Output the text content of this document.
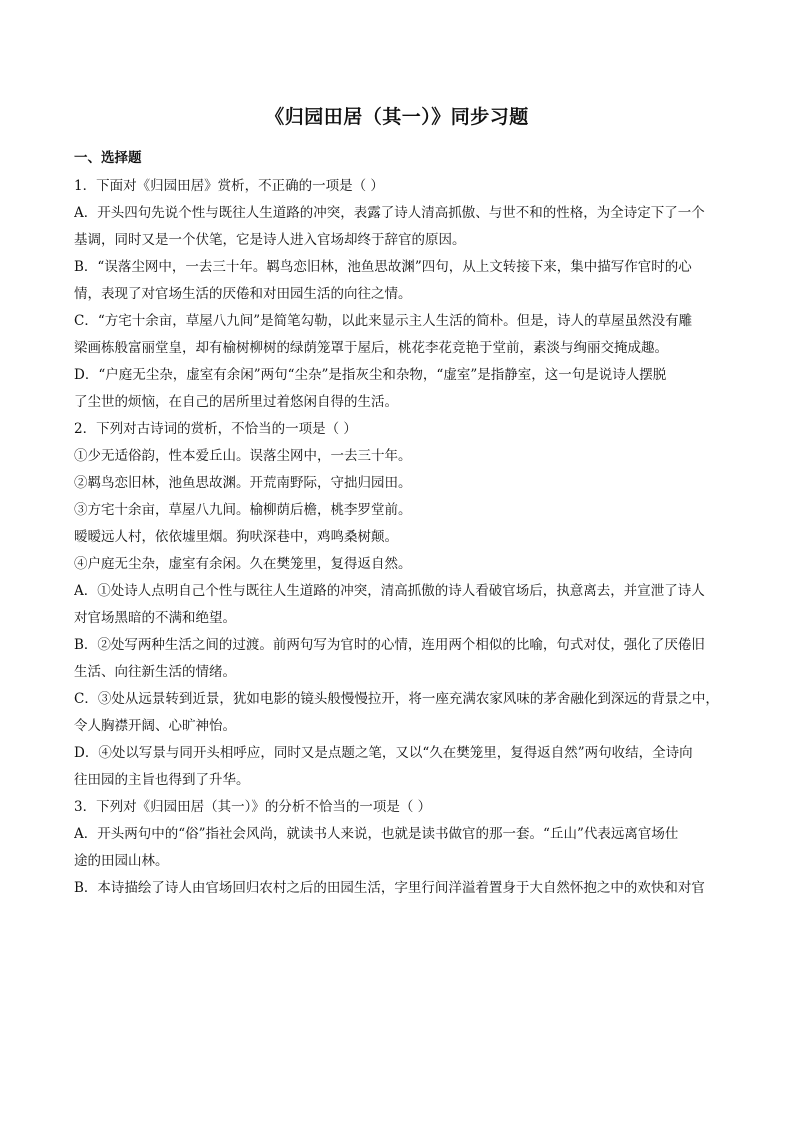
《归园田居（其一）》同步习题
一、选择题

1．下面对《归园田居》赏析，不正确的一项是（ ）

A．开头四句先说个性与既往人生道路的冲突，表露了诗人清高抓傲、与世不和的性格，为全诗定下了一个

基调，同时又是一个伏笔，它是诗人进入官场却终于辞官的原因。

B．“误落尘网中，一去三十年。羁鸟恋旧林，池鱼思故渊”四句，从上文转接下来，集中描写作官时的心

情，表现了对官场生活的厌倦和对田园生活的向往之情。

C．“方宅十余亩，草屋八九间”是简笔勾勒，以此来显示主人生活的简朴。但是，诗人的草屋虽然没有雕

梁画栋般富丽堂皇，却有榆树柳树的绿荫笼罩于屋后，桃花李花竞艳于堂前，素淡与绚丽交掩成趣。

D．“户庭无尘杂，虚室有余闲”两句“尘杂”是指灰尘和杂物，“虚室”是指静室，这一句是说诗人摆脱

了尘世的烦恼，在自己的居所里过着悠闲自得的生活。

2．下列对古诗词的赏析，不恰当的一项是（ ）

①少无适俗韵，性本爱丘山。误落尘网中，一去三十年。

②羁鸟恋旧林，池鱼思故渊。开荒南野际，守拙归园田。

③方宅十余亩，草屋八九间。榆柳荫后檐，桃李罗堂前。

暧暧远人村，依依墟里烟。狗吠深巷中，鸡鸣桑树颠。

④户庭无尘杂，虚室有余闲。久在樊笼里，复得返自然。

A．①处诗人点明自己个性与既往人生道路的冲突，清高抓傲的诗人看破官场后，执意离去，并宣泄了诗人

对官场黑暗的不满和绝望。

B．②处写两种生活之间的过渡。前两句写为官时的心情，连用两个相似的比喻，句式对仗，强化了厌倦旧

生活、向往新生活的情绪。

C．③处从远景转到近景，犹如电影的镜头般慢慢拉开，将一座充满农家风味的茅舍融化到深远的背景之中，

令人胸襟开阔、心旷神怡。

D．④处以写景与同开头相呼应，同时又是点题之笔，又以“久在樊笼里，复得返自然”两句收结，全诗向

往田园的主旨也得到了升华。

3．下列对《归园田居（其一）》的分析不恰当的一项是（ ）

A．开头两句中的“俗”指社会风尚，就读书人来说，也就是读书做官的那一套。“丘山”代表远离官场仕

途的田园山林。

B．本诗描绘了诗人由官场回归农村之后的田园生活，字里行间洋溢着置身于大自然怀抱之中的欢快和对官
